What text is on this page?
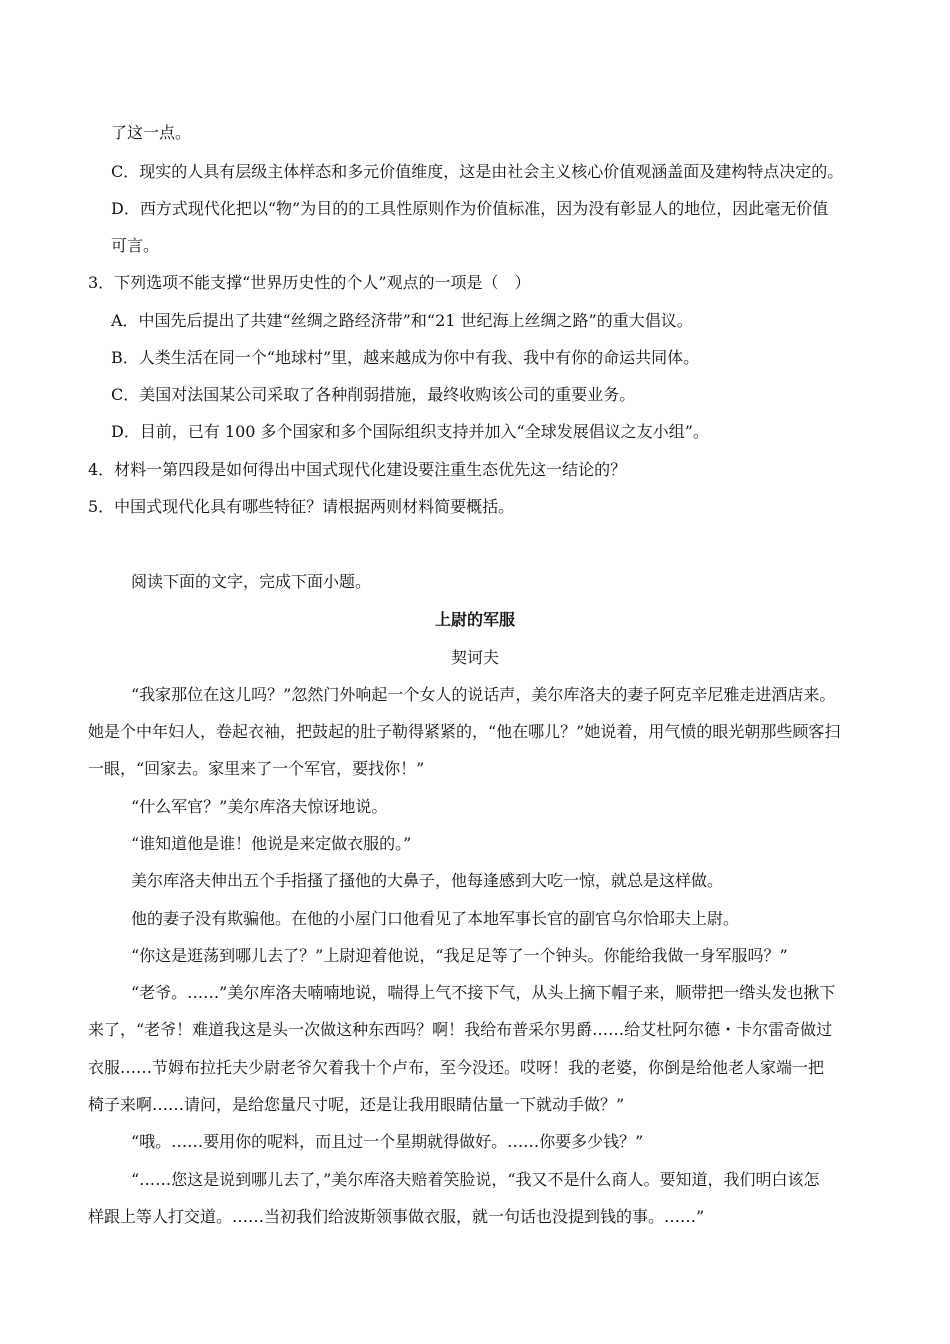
了这一点。
C．现实的人具有层级主体样态和多元价值维度，这是由社会主义核心价值观涵盖面及建构特点决定的。
D．西方式现代化把以“物”为目的的工具性原则作为价值标准，因为没有彰显人的地位，因此毫无价值
可言。
3．下列选项不能支撑“世界历史性的个人”观点的一项是（　）
A．中国先后提出了共建“丝绸之路经济带”和“21 世纪海上丝绸之路”的重大倡议。
B．人类生活在同一个“地球村”里，越来越成为你中有我、我中有你的命运共同体。
C．美国对法国某公司采取了各种削弱措施，最终收购该公司的重要业务。
D．目前，已有 100 多个国家和多个国际组织支持并加入“全球发展倡议之友小组”。
4．材料一第四段是如何得出中国式现代化建设要注重生态优先这一结论的？
5．中国式现代化具有哪些特征？请根据两则材料简要概括。
阅读下面的文字，完成下面小题。
上尉的军服
契诃夫
“我家那位在这儿吗？”忽然门外响起一个女人的说话声，美尔库洛夫的妻子阿克辛尼雅走进酒店来。
她是个中年妇人，卷起衣袖，把鼓起的肚子勒得紧紧的，“他在哪儿？”她说着，用气愤的眼光朝那些顾客扫
一眼，“回家去。家里来了一个军官，要找你！”
“什么军官？”美尔库洛夫惊讶地说。
“谁知道他是谁！他说是来定做衣服的。”
美尔库洛夫伸出五个手指搔了搔他的大鼻子，他每逢感到大吃一惊，就总是这样做。
他的妻子没有欺骗他。在他的小屋门口他看见了本地军事长官的副官乌尔恰耶夫上尉。
“你这是逛荡到哪儿去了？”上尉迎着他说，“我足足等了一个钟头。你能给我做一身军服吗？”
“老爷。……”美尔库洛夫喃喃地说，喘得上气不接下气，从头上摘下帽子来，顺带把一绺头发也揪下
来了，“老爷！难道我这是头一次做这种东西吗？啊！我给布普采尔男爵……给艾杜阿尔德・卡尔雷奇做过
衣服……节姆布拉托夫少尉老爷欠着我十个卢布，至今没还。哎呀！我的老婆，你倒是给他老人家端一把
椅子来啊……请问，是给您量尺寸呢，还是让我用眼睛估量一下就动手做？”
“哦。……要用你的呢料，而且过一个星期就得做好。……你要多少钱？”
“……您这是说到哪儿去了，”美尔库洛夫赔着笑脸说，“我又不是什么商人。要知道，我们明白该怎
样跟上等人打交道。……当初我们给波斯领事做衣服，就一句话也没提到钱的事。……”
